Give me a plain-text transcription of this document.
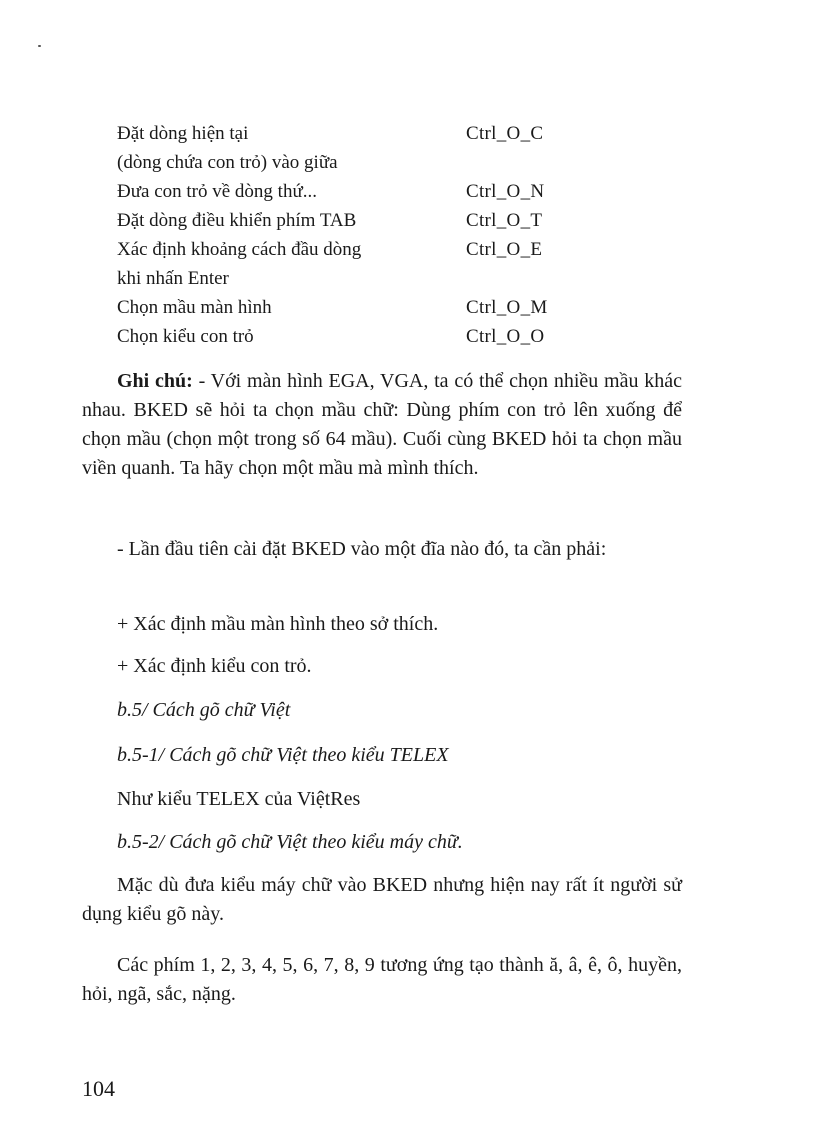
Đặt dòng hiện tại	Ctrl_O_C
(dòng chứa con trỏ) vào giữa
Đưa con trỏ về dòng thứ...	Ctrl_O_N
Đặt dòng điều khiển phím TAB	Ctrl_O_T
Xác định khoảng cách đầu dòng	Ctrl_O_E
khi nhấn Enter
Chọn mầu màn hình	Ctrl_O_M
Chọn kiểu con trỏ	Ctrl_O_O

Ghi chú: - Với màn hình EGA, VGA, ta có thể chọn nhiều mầu khác nhau. BKED sẽ hỏi ta chọn mầu chữ: Dùng phím con trỏ lên xuống để chọn mầu (chọn một trong số 64 mầu). Cuối cùng BKED hỏi ta chọn mầu viền quanh. Ta hãy chọn một mầu mà mình thích.

- Lần đầu tiên cài đặt BKED vào một đĩa nào đó, ta cần phải:

+ Xác định mầu màn hình theo sở thích.

+ Xác định kiểu con trỏ.

b.5/ Cách gõ chữ Việt

b.5-1/ Cách gõ chữ Việt theo kiểu TELEX

Như kiểu TELEX của ViệtRes

b.5-2/ Cách gõ chữ Việt theo kiểu máy chữ.

Mặc dù đưa kiểu máy chữ vào BKED nhưng hiện nay rất ít người sử dụng kiểu gõ này.

Các phím 1, 2, 3, 4, 5, 6, 7, 8, 9 tương ứng tạo thành ă, â, ê, ô, huyền, hỏi, ngã, sắc, nặng.

104
